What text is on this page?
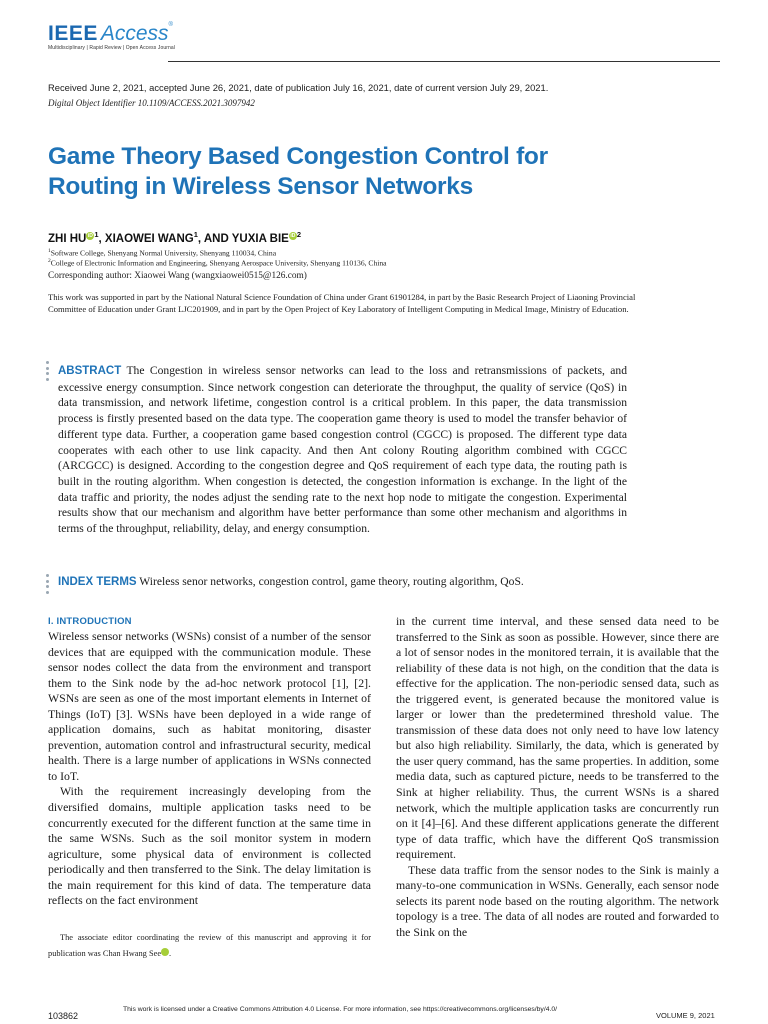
IEEE Access®
Multidisciplinary | Rapid Review | Open Access Journal
Received June 2, 2021, accepted June 26, 2021, date of publication July 16, 2021, date of current version July 29, 2021.
Digital Object Identifier 10.1109/ACCESS.2021.3097942
Game Theory Based Congestion Control for
Routing in Wireless Sensor Networks
ZHI HU iD $^1$, XIAOWEI WANG$^1$, AND YUXIA BIE iD $^2$
$^1$Software College, Shenyang Normal University, Shenyang 110034, China
$^2$College of Electronic Information and Engineering, Shenyang Aerospace University, Shenyang 110136, China
Corresponding author: Xiaowei Wang (wangxiaowei0515@126.com)
This work was supported in part by the National Natural Science Foundation of China under Grant 61901284, in part by the Basic Research Project of Liaoning Provincial Committee of Education under Grant LJC201909, and in part by the Open Project of Key Laboratory of Intelligent Computing in Medical Image, Ministry of Education.
ABSTRACT The Congestion in wireless sensor networks can lead to the loss and retransmissions of packets, and excessive energy consumption. Since network congestion can deteriorate the throughput, the quality of service (QoS) in data transmission, and network lifetime, congestion control is a critical problem. In this paper, the data transmission process is firstly presented based on the data type. The cooperation game theory is used to model the transfer behavior of different type data. Further, a cooperation game based congestion control (CGCC) is proposed. The different type data cooperates with each other to use link capacity. And then Ant colony Routing algorithm combined with CGCC (ARCGCC) is designed. According to the congestion degree and QoS requirement of each type data, the routing path is built in the routing algorithm. When congestion is detected, the congestion information is exchange. In the light of the data traffic and priority, the nodes adjust the sending rate to the next hop node to mitigate the congestion. Experimental results show that our mechanism and algorithm have better performance than some other mechanism and algorithms in terms of the throughput, reliability, delay, and energy consumption.
INDEX TERMS Wireless senor networks, congestion control, game theory, routing algorithm, QoS.
I. INTRODUCTION

Wireless sensor networks (WSNs) consist of a number of the sensor devices that are equipped with the communication module. These sensor nodes collect the data from the environment and transport them to the Sink node by the ad-hoc network protocol [1], [2]. WSNs are seen as one of the most important elements in Internet of Things (IoT) [3]. WSNs have been deployed in a wide range of application domains, such as habitat monitoring, disaster prevention, automation control and infrastructural security, medical health. There is a large number of applications in WSNs connected to IoT.

With the requirement increasingly developing from the diversified domains, multiple application tasks need to be concurrently executed for the different function at the same time in the same WSNs. Such as the soil monitor system in modern agriculture, some physical data of environment is collected periodically and then transferred to the Sink. The delay limitation is the main requirement for this kind of data. The temperature data reflects on the fact environment

The associate editor coordinating the review of this manuscript and approving it for publication was Chan Hwang See iD.

in the current time interval, and these sensed data need to be transferred to the Sink as soon as possible. However, since there are a lot of sensor nodes in the monitored terrain, it is available that the reliability of these data is not high, on the condition that the data is effective for the application. The non-periodic sensed data, such as the triggered event, is generated because the monitored value is larger or lower than the predetermined threshold value. The transmission of these data does not only need to have low latency but also high reliability. Similarly, the data, which is generated by the user query command, has the same properties. In addition, some media data, such as captured picture, needs to be transferred to the Sink at higher reliability. Thus, the current WSNs is a shared network, which the multiple application tasks are concurrently run on it [4]–[6]. And these different applications generate the different type of data traffic, which have the different QoS transmission requirement.

These data traffic from the sensor nodes to the Sink is mainly a many-to-one communication in WSNs. Generally, each sensor node selects its parent node based on the routing algorithm. The network topology is a tree. The data of all nodes are routed and forwarded to the Sink on the

103862
This work is licensed under a Creative Commons Attribution 4.0 License. For more information, see https://creativecommons.org/licenses/by/4.0/
VOLUME 9, 2021
